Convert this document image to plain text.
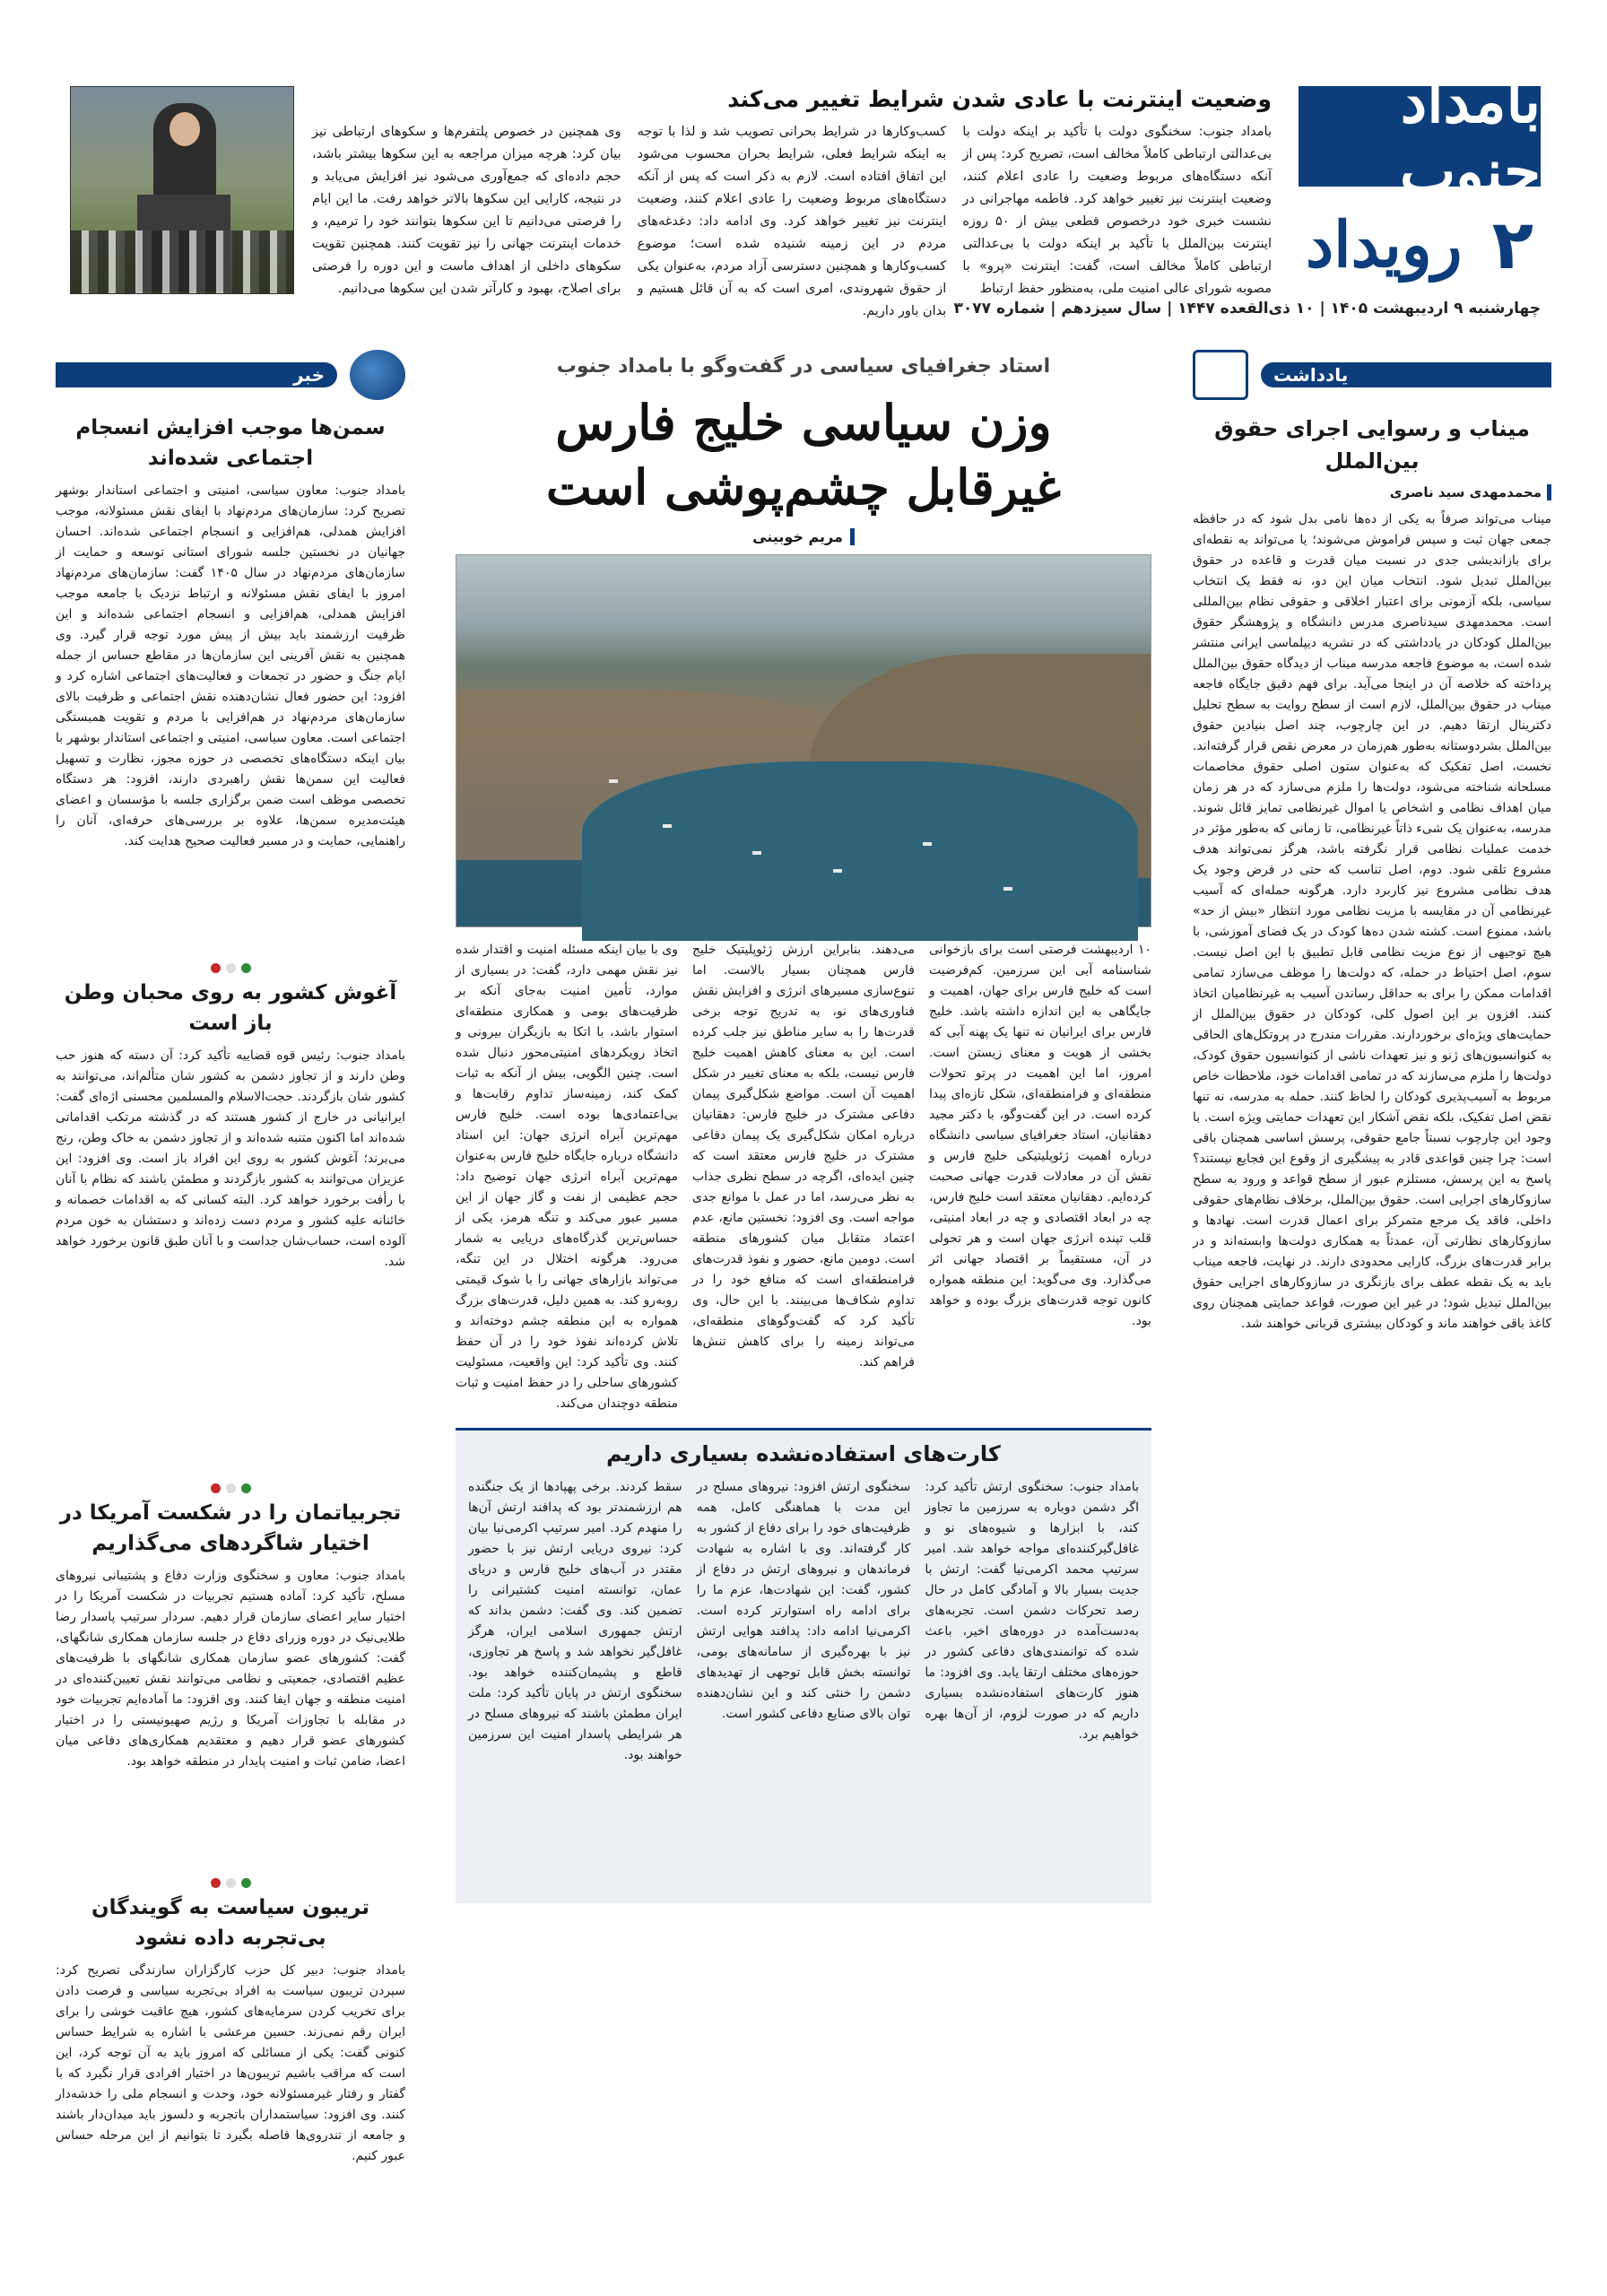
بامداد جنوب
۲
رویداد
چهارشنبه ۹ اردیبهشت ۱۴۰۵ | ۱۰ ذی‌القعده ۱۴۴۷ | سال سیزدهم | شماره ۳۰۷۷
وضعیت اینترنت با عادی شدن شرایط تغییر می‌کند

بامداد جنوب: سخنگوی دولت با تأکید بر اینکه دولت با بی‌عدالتی ارتباطی کاملاً مخالف است، تصریح کرد: پس از آنکه دستگاه‌های مربوط وضعیت را عادی اعلام کنند، وضعیت اینترنت نیز تغییر خواهد کرد. فاطمه مهاجرانی در نشست خبری خود درخصوص قطعی بیش از ۵۰ روزه اینترنت بین‌الملل با تأکید بر اینکه دولت با بی‌عدالتی ارتباطی کاملاً مخالف است، گفت: اینترنت «پرو» با مصوبه شورای عالی امنیت ملی، به‌منظور حفظ ارتباط

کسب‌وکارها در شرایط بحرانی تصویب شد و لذا با توجه به اینکه شرایط فعلی، شرایط بحران محسوب می‌شود این اتفاق افتاده است. لازم به ذکر است که پس از آنکه دستگاه‌های مربوط وضعیت را عادی اعلام کنند، وضعیت اینترنت نیز تغییر خواهد کرد. وی ادامه داد: دغدغه‌های مردم در این زمینه شنیده شده است؛ موضوع کسب‌وکارها و همچنین دسترسی آزاد مردم، به‌عنوان یکی از حقوق شهروندی، امری است که به آن قائل هستیم و بدان باور داریم.

وی همچنین در خصوص پلتفرم‌ها و سکوهای ارتباطی نیز بیان کرد: هرچه میزان مراجعه به این سکوها بیشتر باشد، حجم داده‌ای که جمع‌آوری می‌شود نیز افزایش می‌یابد و در نتیجه، کارایی این سکوها بالاتر خواهد رفت. ما این ایام را فرصتی می‌دانیم تا این سکوها بتوانند خود را ترمیم، و خدمات اینترنت جهانی را نیز تقویت کنند. همچنین تقویت سکوهای داخلی از اهداف ماست و این دوره را فرصتی برای اصلاح، بهبود و کارآتر شدن این سکوها می‌دانیم.

خبر
سمن‌ها موجب افزایش انسجام اجتماعی شده‌اند

بامداد جنوب: معاون سیاسی، امنیتی و اجتماعی استاندار بوشهر تصریح کرد: سازمان‌های مردم‌نهاد با ایفای نقش مسئولانه، موجب افزایش همدلی، هم‌افزایی و انسجام اجتماعی شده‌اند. احسان جهانیان در نخستین جلسه شورای استانی توسعه و حمایت از سازمان‌های مردم‌نهاد در سال ۱۴۰۵ گفت: سازمان‌های مردم‌نهاد امروز با ایفای نقش مسئولانه و ارتباط نزدیک با جامعه موجب افزایش همدلی، هم‌افزایی و انسجام اجتماعی شده‌اند و این ظرفیت ارزشمند باید بیش از پیش مورد توجه قرار گیرد. وی همچنین به نقش آفرینی این سازمان‌ها در مقاطع حساس از جمله ایام جنگ و حضور در تجمعات و فعالیت‌های اجتماعی اشاره کرد و افزود: این حضور فعال نشان‌دهنده نقش اجتماعی و ظرفیت بالای سازمان‌های مردم‌نهاد در هم‌افزایی با مردم و تقویت همبستگی اجتماعی است. معاون سیاسی، امنیتی و اجتماعی استاندار بوشهر با بیان اینکه دستگاه‌های تخصصی در حوزه مجوز، نظارت و تسهیل فعالیت این سمن‌ها نقش راهبردی دارند، افزود: هر دستگاه تخصصی موظف است ضمن برگزاری جلسه با مؤسسان و اعضای هیئت‌مدیره سمن‌ها، علاوه بر بررسی‌های حرفه‌ای، آنان را راهنمایی، حمایت و در مسیر فعالیت صحیح هدایت کند.

آغوش کشور به روی محبان وطن باز است

بامداد جنوب: رئیس قوه قضاییه تأکید کرد: آن دسته که هنوز حب وطن دارند و از تجاوز دشمن به کشور شان متألم‌اند، می‌توانند به کشور شان بازگردند. حجت‌الاسلام والمسلمین محسنی اژه‌ای گفت: ایرانیانی در خارج از کشور هستند که در گذشته مرتکب اقداماتی شده‌اند اما اکنون متنبه شده‌اند و از تجاوز دشمن به خاک وطن، رنج می‌برند؛ آغوش کشور به روی این افراد باز است. وی افزود: این عزیزان می‌توانند به کشور بازگردند و مطمئن باشند که نظام با آنان با رأفت برخورد خواهد کرد. البته کسانی که به اقدامات خصمانه و خائنانه علیه کشور و مردم دست زده‌اند و دستشان به خون مردم آلوده است، حساب‌شان جداست و با آنان طبق قانون برخورد خواهد شد.

تجربیاتمان را در شکست آمریکا در اختیار شاگردهای می‌گذاریم

بامداد جنوب: معاون و سخنگوی وزارت دفاع و پشتیبانی نیروهای مسلح، تأکید کرد: آماده هستیم تجربیات در شکست آمریکا را در اختیار سایر اعضای سازمان قرار دهیم. سردار سرتیپ پاسدار رضا طلایی‌نیک در دوره وزرای دفاع در جلسه سازمان همکاری شانگهای، گفت: کشورهای عضو سازمان همکاری شانگهای با ظرفیت‌های عظیم اقتصادی، جمعیتی و نظامی می‌توانند نقش تعیین‌کننده‌ای در امنیت منطقه و جهان ایفا کنند. وی افزود: ما آماده‌ایم تجربیات خود در مقابله با تجاوزات آمریکا و رژیم صهیونیستی را در اختیار کشورهای عضو قرار دهیم و معتقدیم همکاری‌های دفاعی میان اعضا، ضامن ثبات و امنیت پایدار در منطقه خواهد بود.

تریبون سیاست به گویندگان بی‌تجربه داده نشود

بامداد جنوب: دبیر کل حزب کارگزاران سازندگی تصریح کرد: سپردن تریبون سیاست به افراد بی‌تجربه سیاسی و فرصت دادن برای تخریب کردن سرمایه‌های کشور، هیچ عاقبت خوشی را برای ایران رقم نمی‌زند. حسین مرعشی با اشاره به شرایط حساس کنونی گفت: یکی از مسائلی که امروز باید به آن توجه کرد، این است که مراقب باشیم تریبون‌ها در اختیار افرادی قرار نگیرد که با گفتار و رفتار غیرمسئولانه خود، وحدت و انسجام ملی را خدشه‌دار کنند. وی افزود: سیاستمداران باتجربه و دلسوز باید میدان‌دار باشند و جامعه از تندروی‌ها فاصله بگیرد تا بتوانیم از این مرحله حساس عبور کنیم.

یادداشت
میناب و رسوایی اجرای حقوق بین‌الملل
محمدمهدی سید ناصری

میناب می‌تواند صرفاً به یکی از ده‌ها نامی بدل شود که در حافظه جمعی جهان ثبت و سپس فراموش می‌شوند؛ یا می‌تواند به نقطه‌ای برای بازاندیشی جدی در نسبت میان قدرت و قاعده در حقوق بین‌الملل تبدیل شود. انتخاب میان این دو، نه فقط یک انتخاب سیاسی، بلکه آزمونی برای اعتبار اخلاقی و حقوقی نظام بین‌المللی است. محمدمهدی سیدناصری مدرس دانشگاه و پژوهشگر حقوق بین‌الملل کودکان در یادداشتی که در نشریه دیپلماسی ایرانی منتشر شده است، به موضوع فاجعه مدرسه میناب از دیدگاه حقوق بین‌الملل پرداخته که خلاصه آن در اینجا می‌آید. برای فهم دقیق جایگاه فاجعه میناب در حقوق بین‌الملل، لازم است از سطح روایت به سطح تحلیل دکترینال ارتقا دهیم. در این چارچوب، چند اصل بنیادین حقوق بین‌الملل بشردوستانه به‌طور هم‌زمان در معرض نقض قرار گرفته‌اند. نخست، اصل تفکیک که به‌عنوان ستون اصلی حقوق مخاصمات مسلحانه شناخته می‌شود، دولت‌ها را ملزم می‌سازد که در هر زمان میان اهداف نظامی و اشخاص یا اموال غیرنظامی تمایز قائل شوند. مدرسه، به‌عنوان یک شیء ذاتاً غیرنظامی، تا زمانی که به‌طور مؤثر در خدمت عملیات نظامی قرار نگرفته باشد، هرگز نمی‌تواند هدف مشروع تلقی شود. دوم، اصل تناسب که حتی در فرض وجود یک هدف نظامی مشروع نیز کاربرد دارد. هرگونه حمله‌ای که آسیب غیرنظامی آن در مقایسه با مزیت نظامی مورد انتظار «بیش از حد» باشد، ممنوع است. کشته شدن ده‌ها کودک در یک فضای آموزشی، با هیچ توجیهی از نوع مزیت نظامی قابل تطبیق با این اصل نیست. سوم، اصل احتیاط در حمله، که دولت‌ها را موظف می‌سازد تمامی اقدامات ممکن را برای به حداقل رساندن آسیب به غیرنظامیان اتخاذ کنند. افزون بر این اصول کلی، کودکان در حقوق بین‌الملل از حمایت‌های ویژه‌ای برخوردارند. مقررات مندرج در پروتکل‌های الحاقی به کنوانسیون‌های ژنو و نیز تعهدات ناشی از کنوانسیون حقوق کودک، دولت‌ها را ملزم می‌سازند که در تمامی اقدامات خود، ملاحظات خاص مربوط به آسیب‌پذیری کودکان را لحاظ کنند. حمله به مدرسه، نه تنها نقض اصل تفکیک، بلکه نقض آشکار این تعهدات حمایتی ویژه است. با وجود این چارچوب نسبتاً جامع حقوقی، پرسش اساسی همچنان باقی است: چرا چنین قواعدی قادر به پیشگیری از وقوع این فجایع نیستند؟ پاسخ به این پرسش، مستلزم عبور از سطح قواعد و ورود به سطح سازوکارهای اجرایی است. حقوق بین‌الملل، برخلاف نظام‌های حقوقی داخلی، فاقد یک مرجع متمرکز برای اعمال قدرت است. نهادها و سازوکارهای نظارتی آن، عمدتاً به همکاری دولت‌ها وابسته‌اند و در برابر قدرت‌های بزرگ، کارایی محدودی دارند. در نهایت، فاجعه میناب باید به یک نقطه عطف برای بازنگری در سازوکارهای اجرایی حقوق بین‌الملل تبدیل شود؛ در غیر این صورت، قواعد حمایتی همچنان روی کاغذ باقی خواهند ماند و کودکان بیشتری قربانی خواهند شد.

استاد جغرافیای سیاسی در گفت‌وگو با بامداد جنوب
وزن سیاسی خلیج فارس
غیرقابل چشم‌پوشی است
مریم خوبینی
۱۰ اردیبهشت فرصتی است برای بازخوانی شناسنامه آبی این سرزمین. کم‌فرضیت است که خلیج فارس برای جهان، اهمیت و جایگاهی به این اندازه داشته باشد. خلیج فارس برای ایرانیان نه تنها یک پهنه آبی که بخشی از هویت و معنای زیستن است. امروز، اما این اهمیت در پرتو تحولات منطقه‌ای و فرامنطقه‌ای، شکل تازه‌ای پیدا کرده است. در این گفت‌وگو، با دکتر مجید دهقانیان، استاد جغرافیای سیاسی دانشگاه درباره اهمیت ژئوپلیتیکی خلیج فارس و نقش آن در معادلات قدرت جهانی صحبت کرده‌ایم. دهقانیان معتقد است خلیج فارس، چه در ابعاد اقتصادی و چه در ابعاد امنیتی، قلب تپنده انرژی جهان است و هر تحولی در آن، مستقیماً بر اقتصاد جهانی اثر می‌گذارد. وی می‌گوید: این منطقه همواره کانون توجه قدرت‌های بزرگ بوده و خواهد بود.
می‌دهند. بنابراین ارزش ژئوپلیتیک خلیج فارس همچنان بسیار بالاست. اما تنوع‌سازی مسیرهای انرژی و افزایش نقش فناوری‌های نو، به تدریج توجه برخی قدرت‌ها را به سایر مناطق نیز جلب کرده است. این به معنای کاهش اهمیت خلیج فارس نیست، بلکه به معنای تغییر در شکل اهمیت آن است. مواضع شکل‌گیری پیمان دفاعی مشترک در خلیج فارس: دهقانیان درباره امکان شکل‌گیری یک پیمان دفاعی مشترک در خلیج فارس معتقد است که چنین ایده‌ای، اگرچه در سطح نظری جذاب به نظر می‌رسد، اما در عمل با موانع جدی مواجه است. وی افزود: نخستین مانع، عدم اعتماد متقابل میان کشورهای منطقه است. دومین مانع، حضور و نفوذ قدرت‌های فرامنطقه‌ای است که منافع خود را در تداوم شکاف‌ها می‌بینند. با این حال، وی تأکید کرد که گفت‌وگوهای منطقه‌ای، می‌تواند زمینه را برای کاهش تنش‌ها فراهم کند.
وی با بیان اینکه مسئله امنیت و اقتدار شده نیز نقش مهمی دارد، گفت: در بسیاری از موارد، تأمین امنیت به‌جای آنکه بر ظرفیت‌های بومی و همکاری منطقه‌ای استوار باشد، با اتکا به بازیگران بیرونی و اتخاذ رویکردهای امنیتی‌محور دنبال شده است. چنین الگویی، بیش از آنکه به ثبات کمک کند، زمینه‌ساز تداوم رقابت‌ها و بی‌اعتمادی‌ها بوده است. خلیج فارس مهم‌ترین آبراه انرژی جهان: این استاد دانشگاه درباره جایگاه خلیج فارس به‌عنوان مهم‌ترین آبراه انرژی جهان توضیح داد: حجم عظیمی از نفت و گاز جهان از این مسیر عبور می‌کند و تنگه هرمز، یکی از حساس‌ترین گذرگاه‌های دریایی به شمار می‌رود. هرگونه اختلال در این تنگه، می‌تواند بازارهای جهانی را با شوک قیمتی روبه‌رو کند. به همین دلیل، قدرت‌های بزرگ همواره به این منطقه چشم دوخته‌اند و تلاش کرده‌اند نفوذ خود را در آن حفظ کنند. وی تأکید کرد: این واقعیت، مسئولیت کشورهای ساحلی را در حفظ امنیت و ثبات منطقه دوچندان می‌کند.
کارت‌های استفاده‌نشده بسیاری داریم

بامداد جنوب: سخنگوی ارتش تأکید کرد: اگر دشمن دوباره به سرزمین ما تجاوز کند، با ابزارها و شیوه‌های نو و غافل‌گیرکننده‌ای مواجه خواهد شد. امیر سرتیپ محمد اکرمی‌نیا گفت: ارتش با جدیت بسیار بالا و آمادگی کامل در حال رصد تحرکات دشمن است. تجربه‌های به‌دست‌آمده در دوره‌های اخیر، باعث شده که توانمندی‌های دفاعی کشور در حوزه‌های مختلف ارتقا یابد. وی افزود: ما هنوز کارت‌های استفاده‌نشده بسیاری داریم که در صورت لزوم، از آن‌ها بهره خواهیم برد.

سخنگوی ارتش افزود: نیروهای مسلح در این مدت با هماهنگی کامل، همه ظرفیت‌های خود را برای دفاع از کشور به کار گرفته‌اند. وی با اشاره به شهادت فرماندهان و نیروهای ارتش در دفاع از کشور، گفت: این شهادت‌ها، عزم ما را برای ادامه راه استوارتر کرده است. اکرمی‌نیا ادامه داد: پدافند هوایی ارتش نیز با بهره‌گیری از سامانه‌های بومی، توانسته بخش قابل توجهی از تهدیدهای دشمن را خنثی کند و این نشان‌دهنده توان بالای صنایع دفاعی کشور است.

سقط کردند. برخی پهپادها از یک جنگنده هم ارزشمندتر بود که پدافند ارتش آن‌ها را منهدم کرد. امیر سرتیپ اکرمی‌نیا بیان کرد: نیروی دریایی ارتش نیز با حضور مقتدر در آب‌های خلیج فارس و دریای عمان، توانسته امنیت کشتیرانی را تضمین کند. وی گفت: دشمن بداند که ارتش جمهوری اسلامی ایران، هرگز غافل‌گیر نخواهد شد و پاسخ هر تجاوزی، قاطع و پشیمان‌کننده خواهد بود. سخنگوی ارتش در پایان تأکید کرد: ملت ایران مطمئن باشند که نیروهای مسلح در هر شرایطی پاسدار امنیت این سرزمین خواهند بود.
